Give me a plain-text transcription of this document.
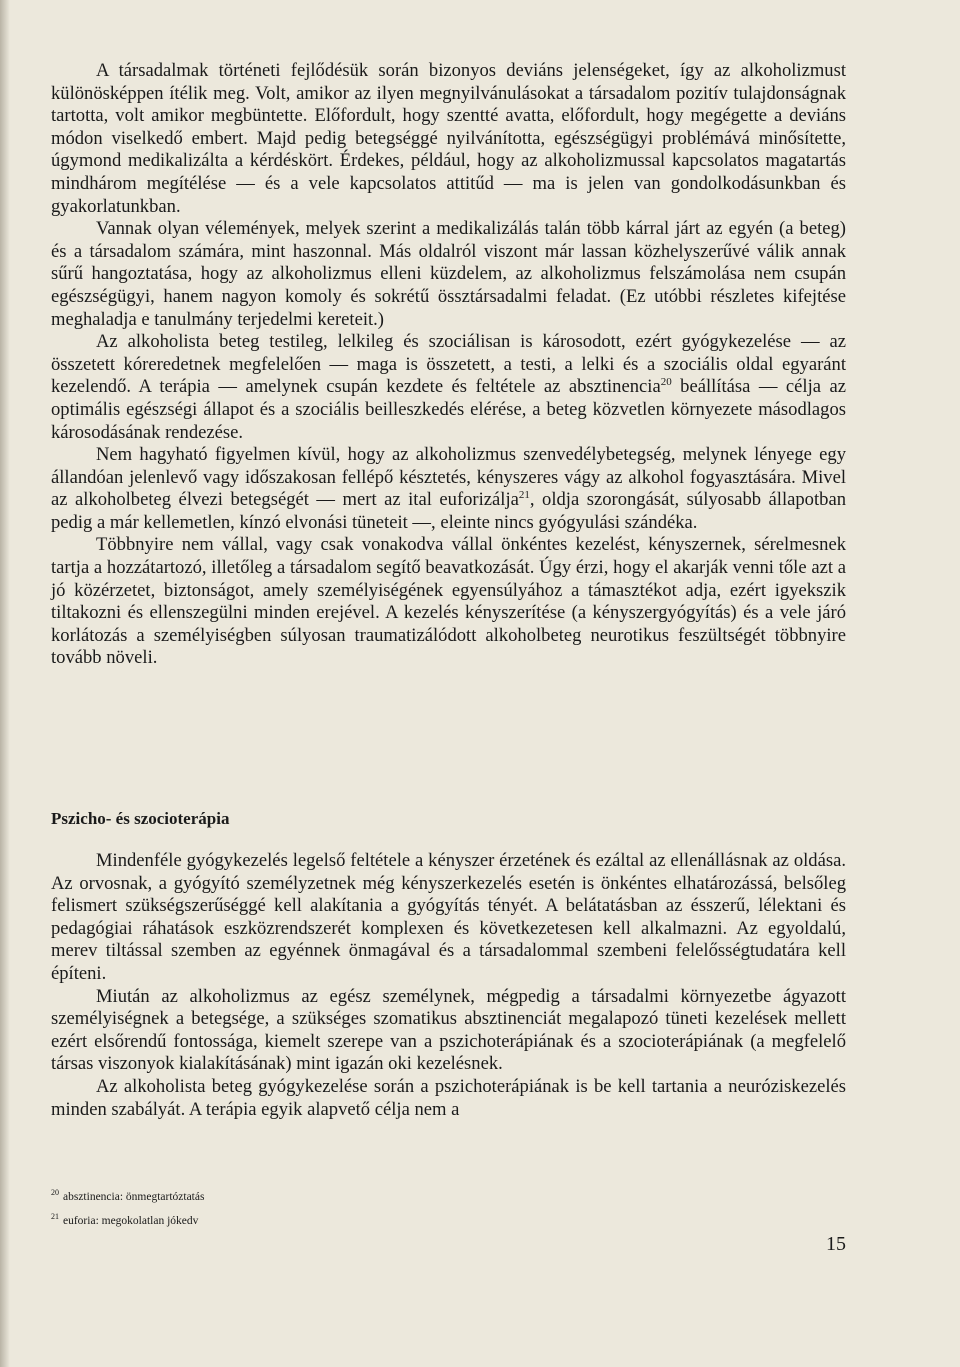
A társadalmak történeti fejlődésük során bizonyos deviáns jelenségeket, így az alkoholizmust különösképpen ítélik meg. Volt, amikor az ilyen megnyilvánulásokat a társadalom pozitív tulajdonságnak tartotta, volt amikor megbüntette. Előfordult, hogy szentté avatta, előfordult, hogy megégette a deviáns módon viselkedő embert. Majd pedig betegséggé nyilvánította, egészségügyi problémává minősítette, úgymond medikalizálta a kérdéskört. Érdekes, például, hogy az alkoholizmussal kapcsolatos magatartás mindhárom megítélése — és a vele kapcsolatos attitűd — ma is jelen van gondolkodásunkban és gyakorlatunkban.

Vannak olyan vélemények, melyek szerint a medikalizálás talán több kárral járt az egyén (a beteg) és a társadalom számára, mint haszonnal. Más oldalról viszont már lassan közhelyszerűvé válik annak sűrű hangoztatása, hogy az alkoholizmus elleni küzdelem, az alkoholizmus felszámolása nem csupán egészségügyi, hanem nagyon komoly és sokrétű össztársadalmi feladat. (Ez utóbbi részletes kifejtése meghaladja e tanulmány terjedelmi kereteit.)

Az alkoholista beteg testileg, lelkileg és szociálisan is károsodott, ezért gyógykezelése — az összetett kóreredetnek megfelelően — maga is összetett, a testi, a lelki és a szociális oldal egyaránt kezelendő. A terápia — amelynek csupán kezdete és feltétele az absztinencia$^{20}$ beállítása — célja az optimális egészségi állapot és a szociális beilleszkedés elérése, a beteg közvetlen környezete másodlagos károsodásának rendezése.

Nem hagyható figyelmen kívül, hogy az alkoholizmus szenvedélybetegség, melynek lényege egy állandóan jelenlevő vagy időszakosan fellépő késztetés, kényszeres vágy az alkohol fogyasztására. Mivel az alkoholbeteg élvezi betegségét — mert az ital euforizálja$^{21}$, oldja szorongását, súlyosabb állapotban pedig a már kellemetlen, kínzó elvonási tüneteit —, eleinte nincs gyógyulási szándéka.

Többnyire nem vállal, vagy csak vonakodva vállal önkéntes kezelést, kényszernek, sérelmesnek tartja a hozzátartozó, illetőleg a társadalom segítő beavatkozását. Úgy érzi, hogy el akarják venni tőle azt a jó közérzetet, biztonságot, amely személyiségének egyensúlyához a támasztékot adja, ezért igyekszik tiltakozni és ellenszegülni minden erejével. A kezelés kényszerítése (a kényszergyógyítás) és a vele járó korlátozás a személyiségben súlyosan traumatizálódott alkoholbeteg neurotikus feszültségét többnyire tovább növeli.

Pszicho- és szocioterápia

Mindenféle gyógykezelés legelső feltétele a kényszer érzetének és ezáltal az ellenállásnak az oldása. Az orvosnak, a gyógyító személyzetnek még kényszerkezelés esetén is önkéntes elhatározássá, belsőleg felismert szükségszerűséggé kell alakítania a gyógyítás tényét. A belátatásban az ésszerű, lélektani és pedagógiai ráhatások eszközrendszerét komplexen és következetesen kell alkalmazni. Az egyoldalú, merev tiltással szemben az egyénnek önmagával és a társadalommal szembeni felelősségtudatára kell építeni.

Miután az alkoholizmus az egész személynek, mégpedig a társadalmi környezetbe ágyazott személyiségnek a betegsége, a szükséges szomatikus absztinenciát megalapozó tüneti kezelések mellett ezért elsőrendű fontossága, kiemelt szerepe van a pszichoterápiának és a szocioterápiának (a megfelelő társas viszonyok kialakításának) mint igazán oki kezelésnek.

Az alkoholista beteg gyógykezelése során a pszichoterápiának is be kell tartania a neuróziskezelés minden szabályát. A terápia egyik alapvető célja nem a

$^{20}$ absztinencia: önmegtartóztatás

$^{21}$ euforia: megokolatlan jókedv

15
